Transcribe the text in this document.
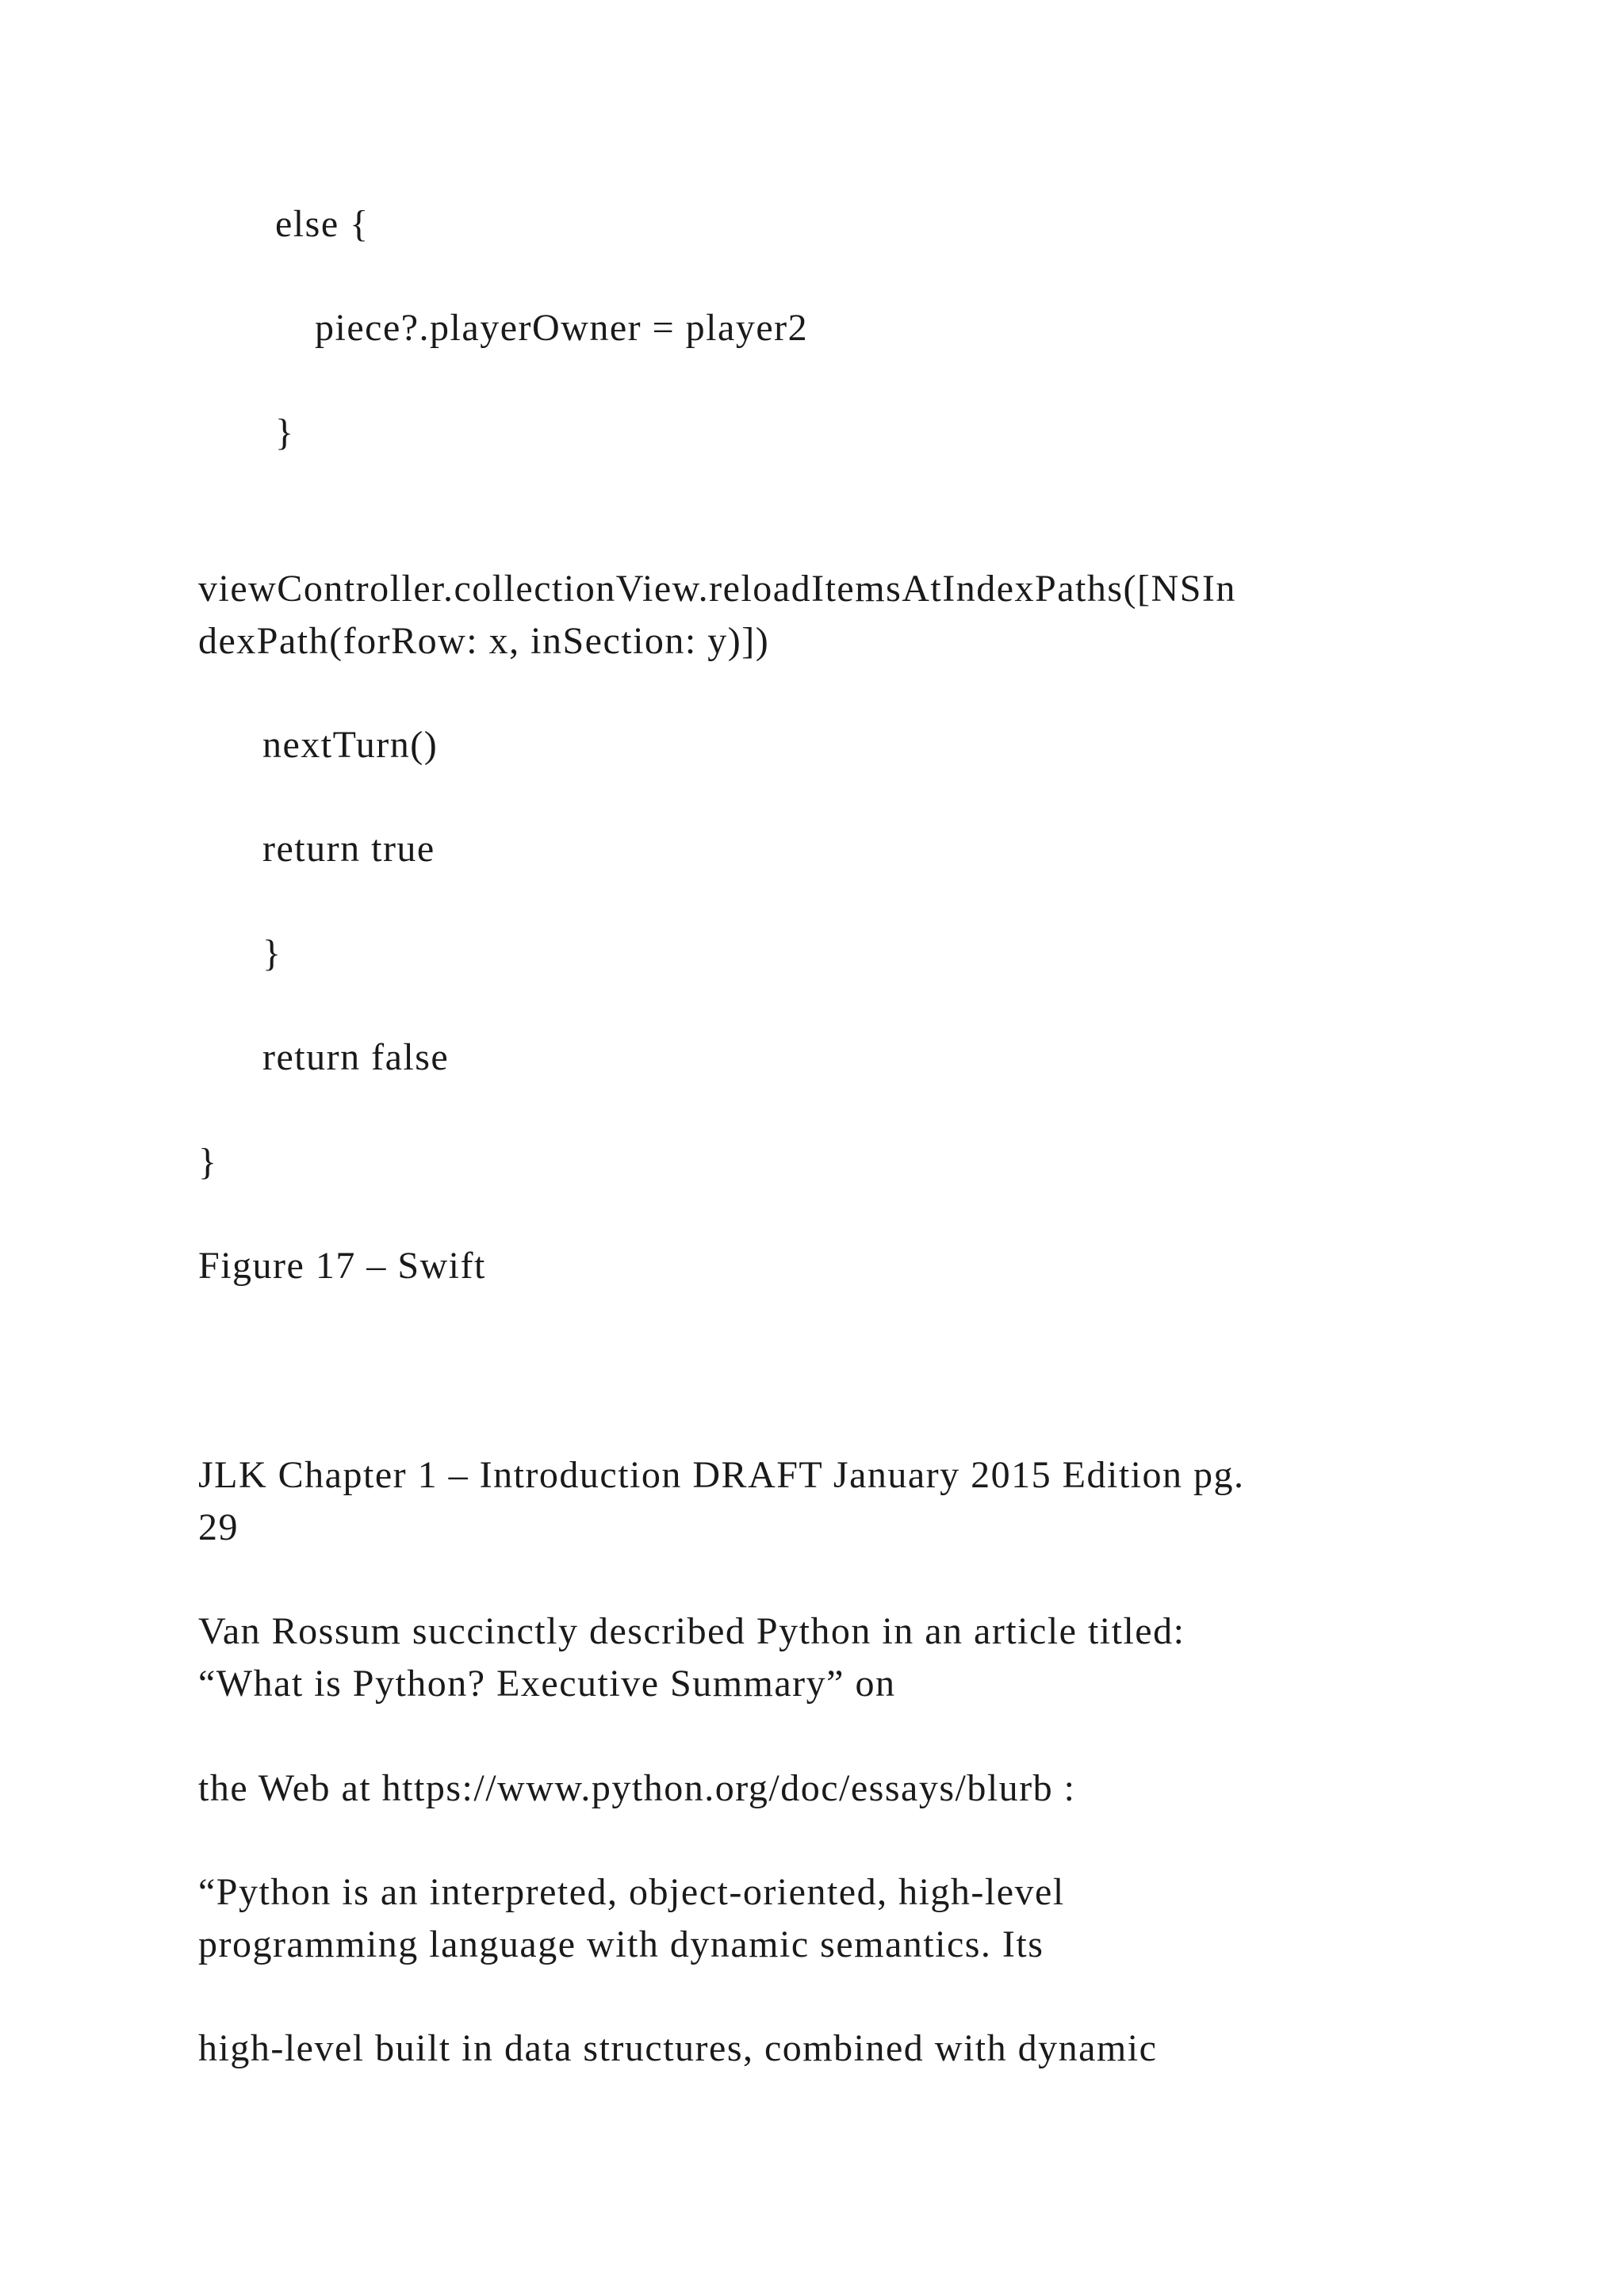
else {

piece?.playerOwner = player2

}

viewController.collectionView.reloadItemsAtIndexPaths([NSIn
dexPath(forRow: x, inSection: y)])

nextTurn()

return true

}

return false

}

Figure 17 – Swift

JLK Chapter 1 – Introduction DRAFT January 2015 Edition pg.
29
Van Rossum succinctly described Python in an article titled:
“What is Python? Executive Summary” on

the Web at https://www.python.org/doc/essays/blurb :

“Python is an interpreted, object-oriented, high-level
programming language with dynamic semantics. Its

high-level built in data structures, combined with dynamic
